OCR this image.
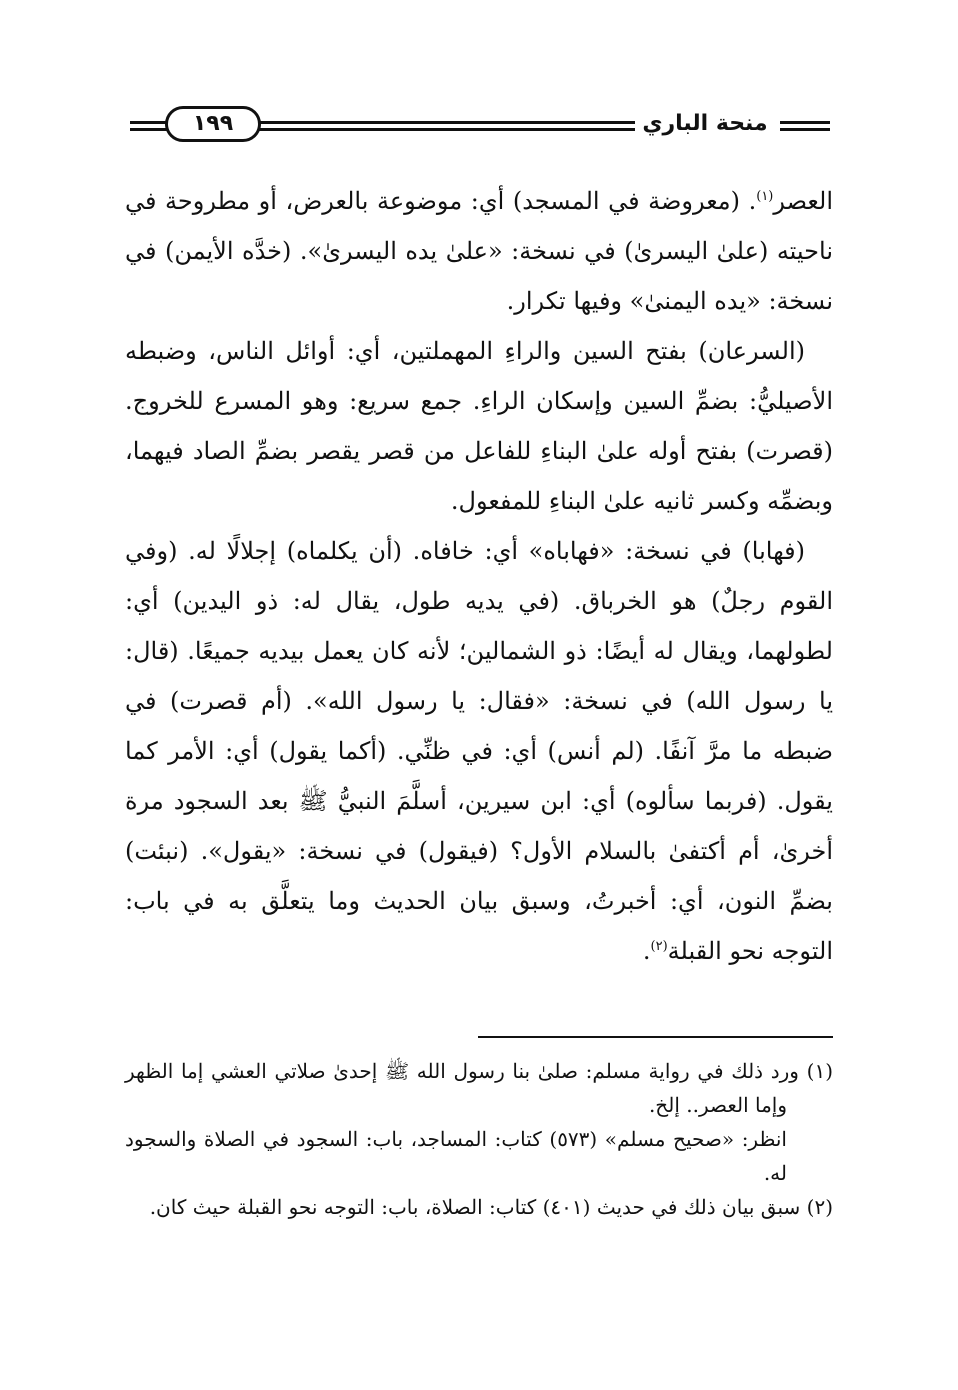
١٩٩	منحة الباري

العصر$^{(١)}$. (معروضة في المسجد) أي: موضوعة بالعرض، أو مطروحة في ناحيته (علىٰ اليسرىٰ) في نسخة: «علىٰ يده اليسرىٰ». (خدَّه الأيمن) في نسخة: «يده اليمنىٰ» وفيها تكرار.

(السرعان) بفتح السين والراءِ المهملتين، أي: أوائل الناس، وضبطه الأصيليُّ: بضمِّ السين وإسكان الراءِ. جمع سريع: وهو المسرع للخروج. (قصرت) بفتح أوله علىٰ البناءِ للفاعل من قصر يقصر بضمِّ الصاد فيهما، وبضمِّه وكسر ثانيه علىٰ البناءِ للمفعول.

(فهابا) في نسخة: «فهاباه» أي: خافاه. (أن يكلماه) إجلالًا له. (وفي القوم رجلٌ) هو الخرباق. (في يديه طول، يقال له: ذو اليدين) أي: لطولهما، ويقال له أيضًا: ذو الشمالين؛ لأنه كان يعمل بيديه جميعًا. (قال: يا رسول الله) في نسخة: «فقال: يا رسول الله». (أم قصرت) في ضبطه ما مرَّ آنفًا. (لم أنس) أي: في ظنِّي. (أكما يقول) أي: الأمر كما يقول. (فربما سألوه) أي: ابن سيرين، أسلَّمَ النبيُّ ﷺ بعد السجود مرة أخرىٰ، أم أكتفىٰ بالسلام الأول؟ (فيقول) في نسخة: «يقول». (نبئت) بضمِّ النون، أي: أخبرتُ، وسبق بيان الحديث وما يتعلَّق به في باب: التوجه نحو القبلة$^{(٢)}$.

(١) ورد ذلك في رواية مسلم: صلىٰ بنا رسول الله ﷺ إحدىٰ صلاتي العشي إما الظهر وإما العصر.. إلخ.

انظر: «صحيح مسلم» (٥٧٣) كتاب: المساجد، باب: السجود في الصلاة والسجود له.

(٢) سبق بيان ذلك في حديث (٤٠١) كتاب: الصلاة، باب: التوجه نحو القبلة حيث كان.
